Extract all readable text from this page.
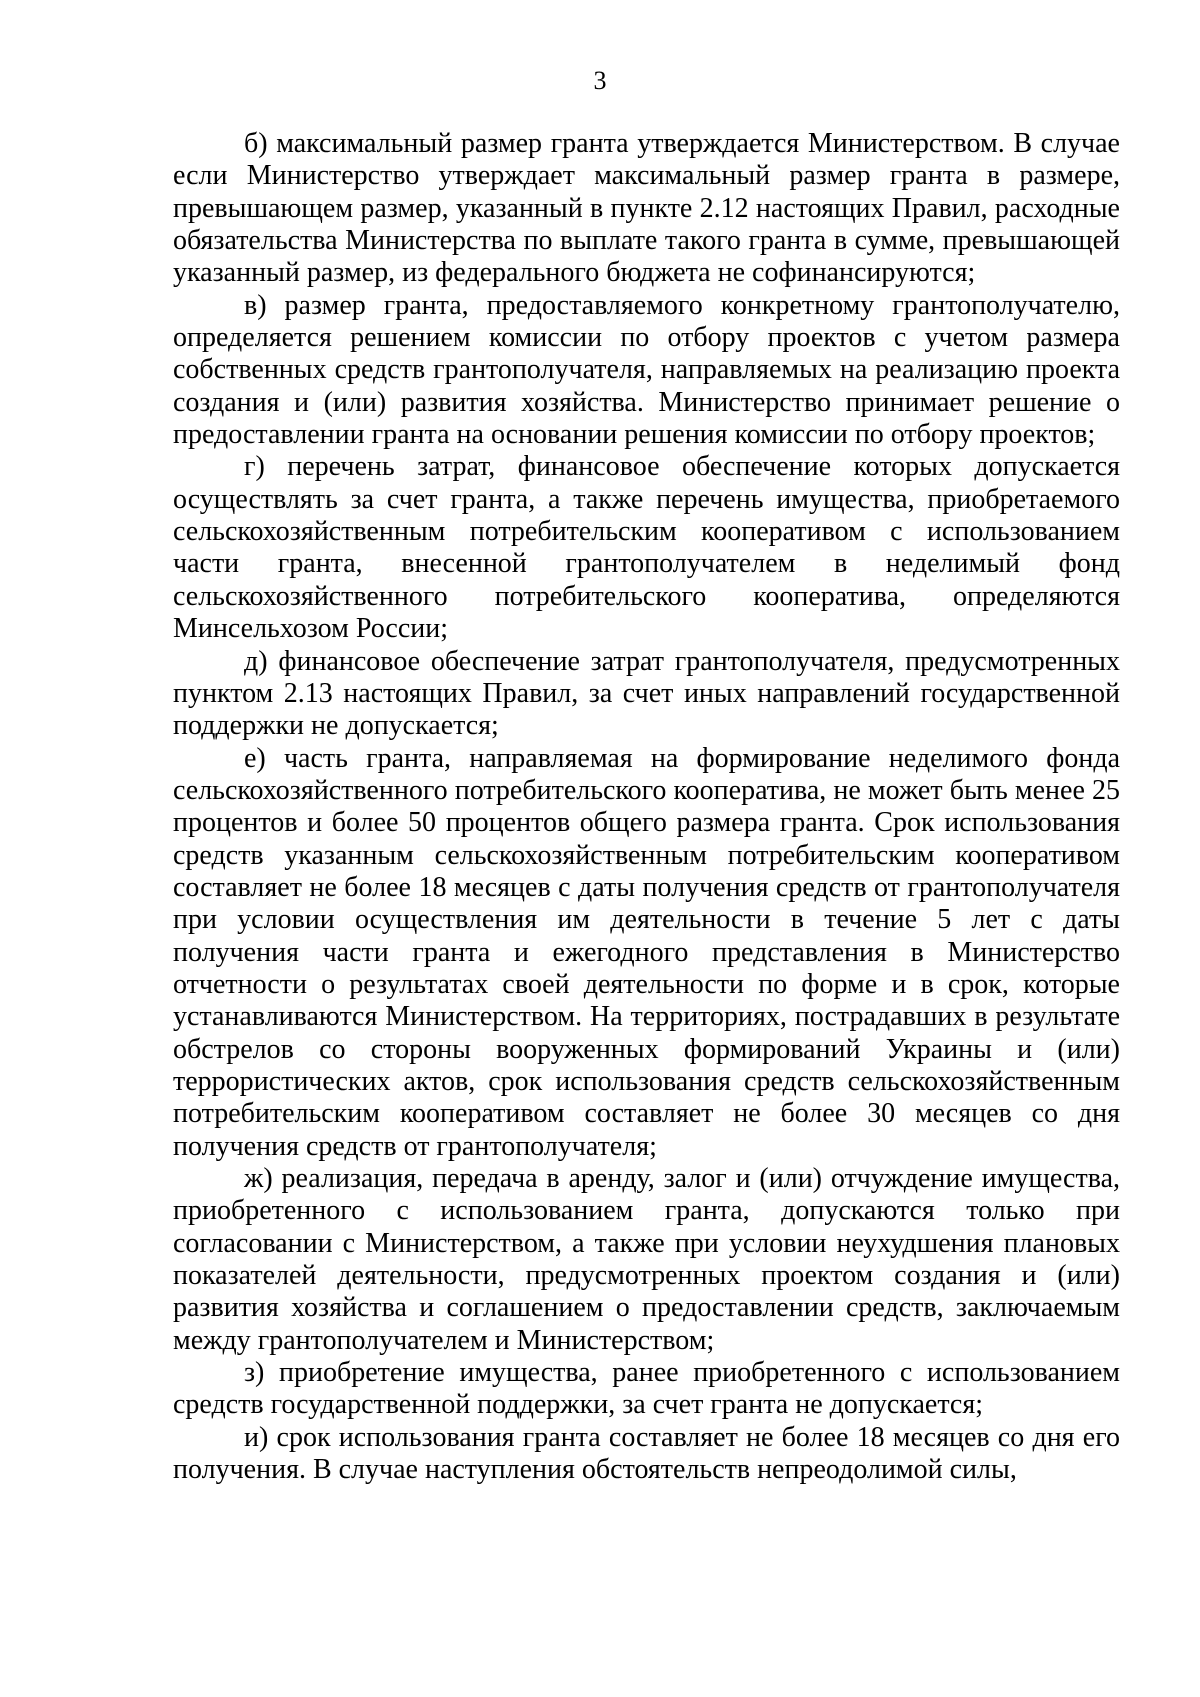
3

б) максимальный размер гранта утверждается Министерством. В случае если Министерство утверждает максимальный размер гранта в размере, превышающем размер, указанный в пункте 2.12 настоящих Правил, расходные обязательства Министерства по выплате такого гранта в сумме, превышающей указанный размер, из федерального бюджета не софинансируются;

в) размер гранта, предоставляемого конкретному грантополучателю, определяется решением комиссии по отбору проектов с учетом размера собственных средств грантополучателя, направляемых на реализацию проекта создания и (или) развития хозяйства. Министерство принимает решение о предоставлении гранта на основании решения комиссии по отбору проектов;

г) перечень затрат, финансовое обеспечение которых допускается осуществлять за счет гранта, а также перечень имущества, приобретаемого сельскохозяйственным потребительским кооперативом с использованием части гранта, внесенной грантополучателем в неделимый фонд сельскохозяйственного потребительского кооператива, определяются Минсельхозом России;

д) финансовое обеспечение затрат грантополучателя, предусмотренных пунктом 2.13 настоящих Правил, за счет иных направлений государственной поддержки не допускается;

е) часть гранта, направляемая на формирование неделимого фонда сельскохозяйственного потребительского кооператива, не может быть менее 25 процентов и более 50 процентов общего размера гранта. Срок использования средств указанным сельскохозяйственным потребительским кооперативом составляет не более 18 месяцев с даты получения средств от грантополучателя при условии осуществления им деятельности в течение 5 лет с даты получения части гранта и ежегодного представления в Министерство отчетности о результатах своей деятельности по форме и в срок, которые устанавливаются Министерством. На территориях, пострадавших в результате обстрелов со стороны вооруженных формирований Украины и (или) террористических актов, срок использования средств сельскохозяйственным потребительским кооперативом составляет не более 30 месяцев со дня получения средств от грантополучателя;

ж) реализация, передача в аренду, залог и (или) отчуждение имущества, приобретенного с использованием гранта, допускаются только при согласовании с Министерством, а также при условии неухудшения плановых показателей деятельности, предусмотренных проектом создания и (или) развития хозяйства и соглашением о предоставлении средств, заключаемым между грантополучателем и Министерством;

з) приобретение имущества, ранее приобретенного с использованием средств государственной поддержки, за счет гранта не допускается;

и) срок использования гранта составляет не более 18 месяцев со дня его получения. В случае наступления обстоятельств непреодолимой силы,
